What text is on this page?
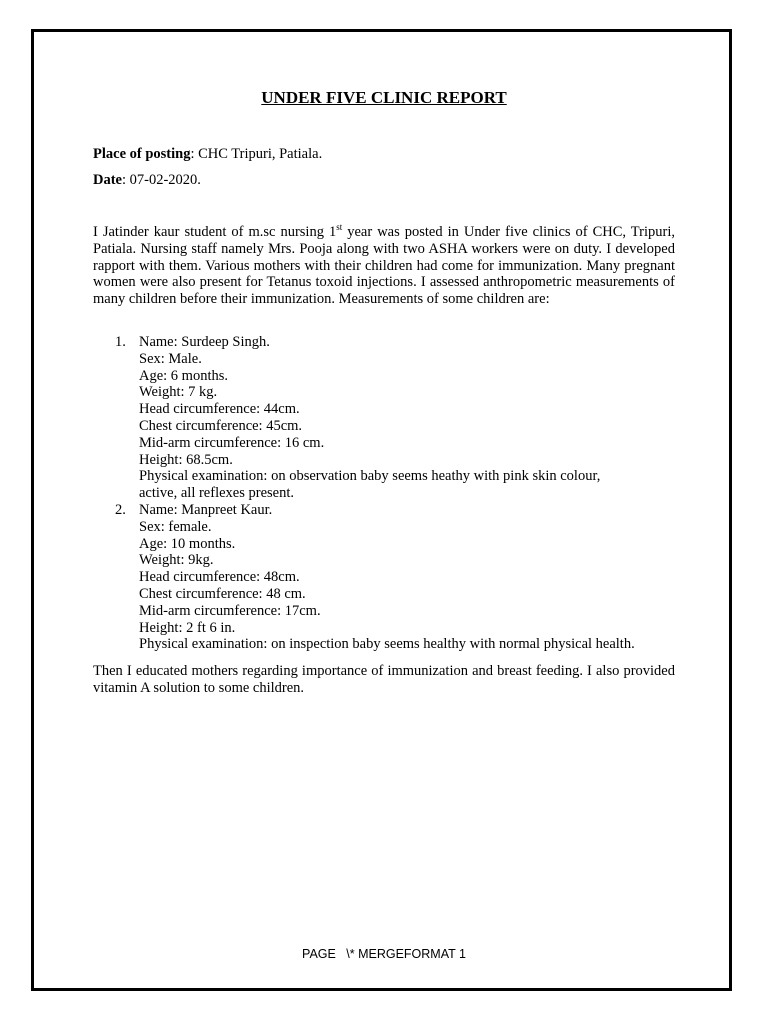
UNDER FIVE CLINIC REPORT
Place of posting: CHC Tripuri, Patiala.
Date: 07-02-2020.

I Jatinder kaur student of m.sc nursing 1st year was posted in Under five clinics of CHC, Tripuri, Patiala. Nursing staff namely Mrs. Pooja along with two ASHA workers were on duty. I developed rapport with them. Various mothers with their children had come for immunization. Many pregnant women were also present for Tetanus toxoid injections. I assessed anthropometric measurements of many children before their immunization. Measurements of some children are:

1. Name: Surdeep Singh.
Sex: Male.
Age: 6 months.
Weight: 7 kg.
Head circumference: 44cm.
Chest circumference: 45cm.
Mid-arm circumference: 16 cm.
Height: 68.5cm.
Physical examination: on observation baby seems heathy with pink skin colour,
active, all reflexes present.
2. Name: Manpreet Kaur.
Sex: female.
Age: 10 months.
Weight: 9kg.
Head circumference: 48cm.
Chest circumference: 48 cm.
Mid-arm circumference: 17cm.
Height: 2 ft 6 in.
Physical examination: on inspection baby seems healthy with normal physical health.

Then I educated mothers regarding importance of immunization and breast feeding. I also provided vitamin A solution to some children.

PAGE   \* MERGEFORMAT 1
